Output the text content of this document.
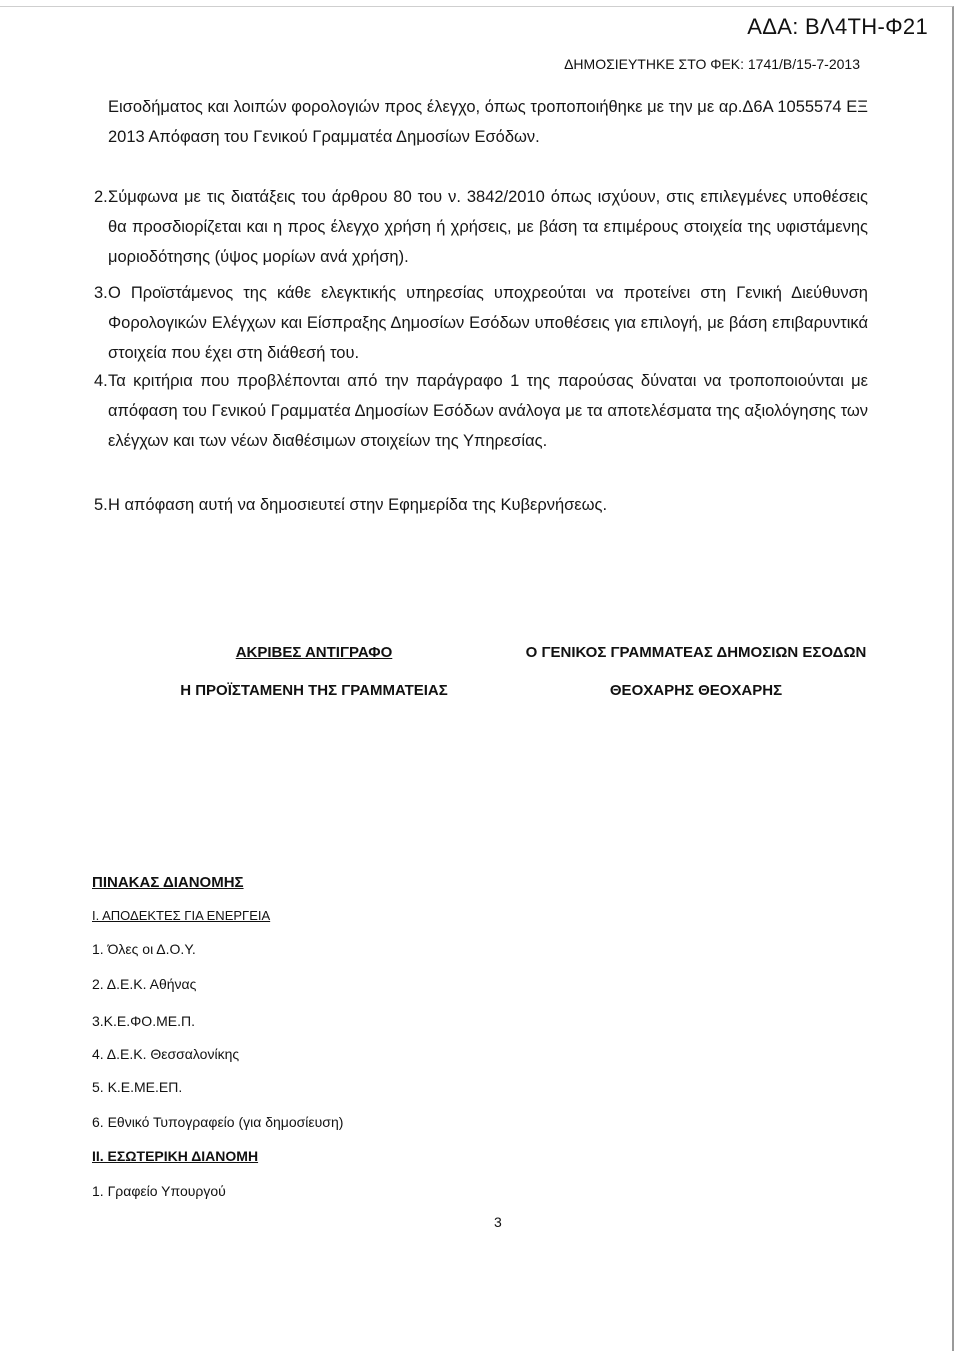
ΑΔΑ: ΒΛ4ΤΗ-Φ21
ΔΗΜΟΣΙΕΥΤΗΚΕ ΣΤΟ ΦΕΚ: 1741/Β/15-7-2013

Εισοδήματος και λοιπών φορολογιών προς έλεγχο, όπως τροποποιήθηκε με την με αρ.Δ6Α 1055574 ΕΞ 2013 Απόφαση του Γενικού Γραμματέα Δημοσίων Εσόδων.

2. Σύμφωνα με τις διατάξεις του άρθρου 80 του ν. 3842/2010 όπως ισχύουν, στις επιλεγμένες υποθέσεις θα προσδιορίζεται και η προς έλεγχο χρήση ή χρήσεις, με βάση τα επιμέρους στοιχεία της υφιστάμενης μοριοδότησης (ύψος μορίων ανά χρήση).
3. Ο Προϊστάμενος της κάθε ελεγκτικής υπηρεσίας υποχρεούται να προτείνει στη Γενική Διεύθυνση Φορολογικών Ελέγχων και Είσπραξης Δημοσίων Εσόδων υποθέσεις για επιλογή, με βάση επιβαρυντικά στοιχεία που έχει στη διάθεσή του.
4. Τα κριτήρια που προβλέπονται από την παράγραφο 1 της παρούσας δύναται να τροποποιούνται με απόφαση του Γενικού Γραμματέα Δημοσίων Εσόδων ανάλογα με τα αποτελέσματα της αξιολόγησης των ελέγχων και των νέων διαθέσιμων στοιχείων της Υπηρεσίας.
5. Η απόφαση αυτή να δημοσιευτεί στην Εφημερίδα της Κυβερνήσεως.
ΑΚΡΙΒΕΣ ΑΝΤΙΓΡΑΦΟ
Η ΠΡΟΪΣΤΑΜΕΝΗ ΤΗΣ ΓΡΑΜΜΑΤΕΙΑΣ
Ο ΓΕΝΙΚΟΣ ΓΡΑΜΜΑΤΕΑΣ ΔΗΜΟΣΙΩΝ ΕΣΟΔΩΝ
ΘΕΟΧΑΡΗΣ ΘΕΟΧΑΡΗΣ
ΠΙΝΑΚΑΣ ΔΙΑΝΟΜΗΣ
Ι. ΑΠΟΔΕΚΤΕΣ ΓΙΑ ΕΝΕΡΓΕΙΑ
1. Όλες οι Δ.Ο.Υ.
2. Δ.Ε.Κ. Αθήνας
3.Κ.Ε.ΦΟ.ΜΕ.Π.
4. Δ.Ε.Κ. Θεσσαλονίκης
5. Κ.Ε.ΜΕ.ΕΠ.
6. Εθνικό Τυπογραφείο (για δημοσίευση)
ΙΙ. ΕΣΩΤΕΡΙΚΗ ΔΙΑΝΟΜΗ
1. Γραφείο Υπουργού
3
